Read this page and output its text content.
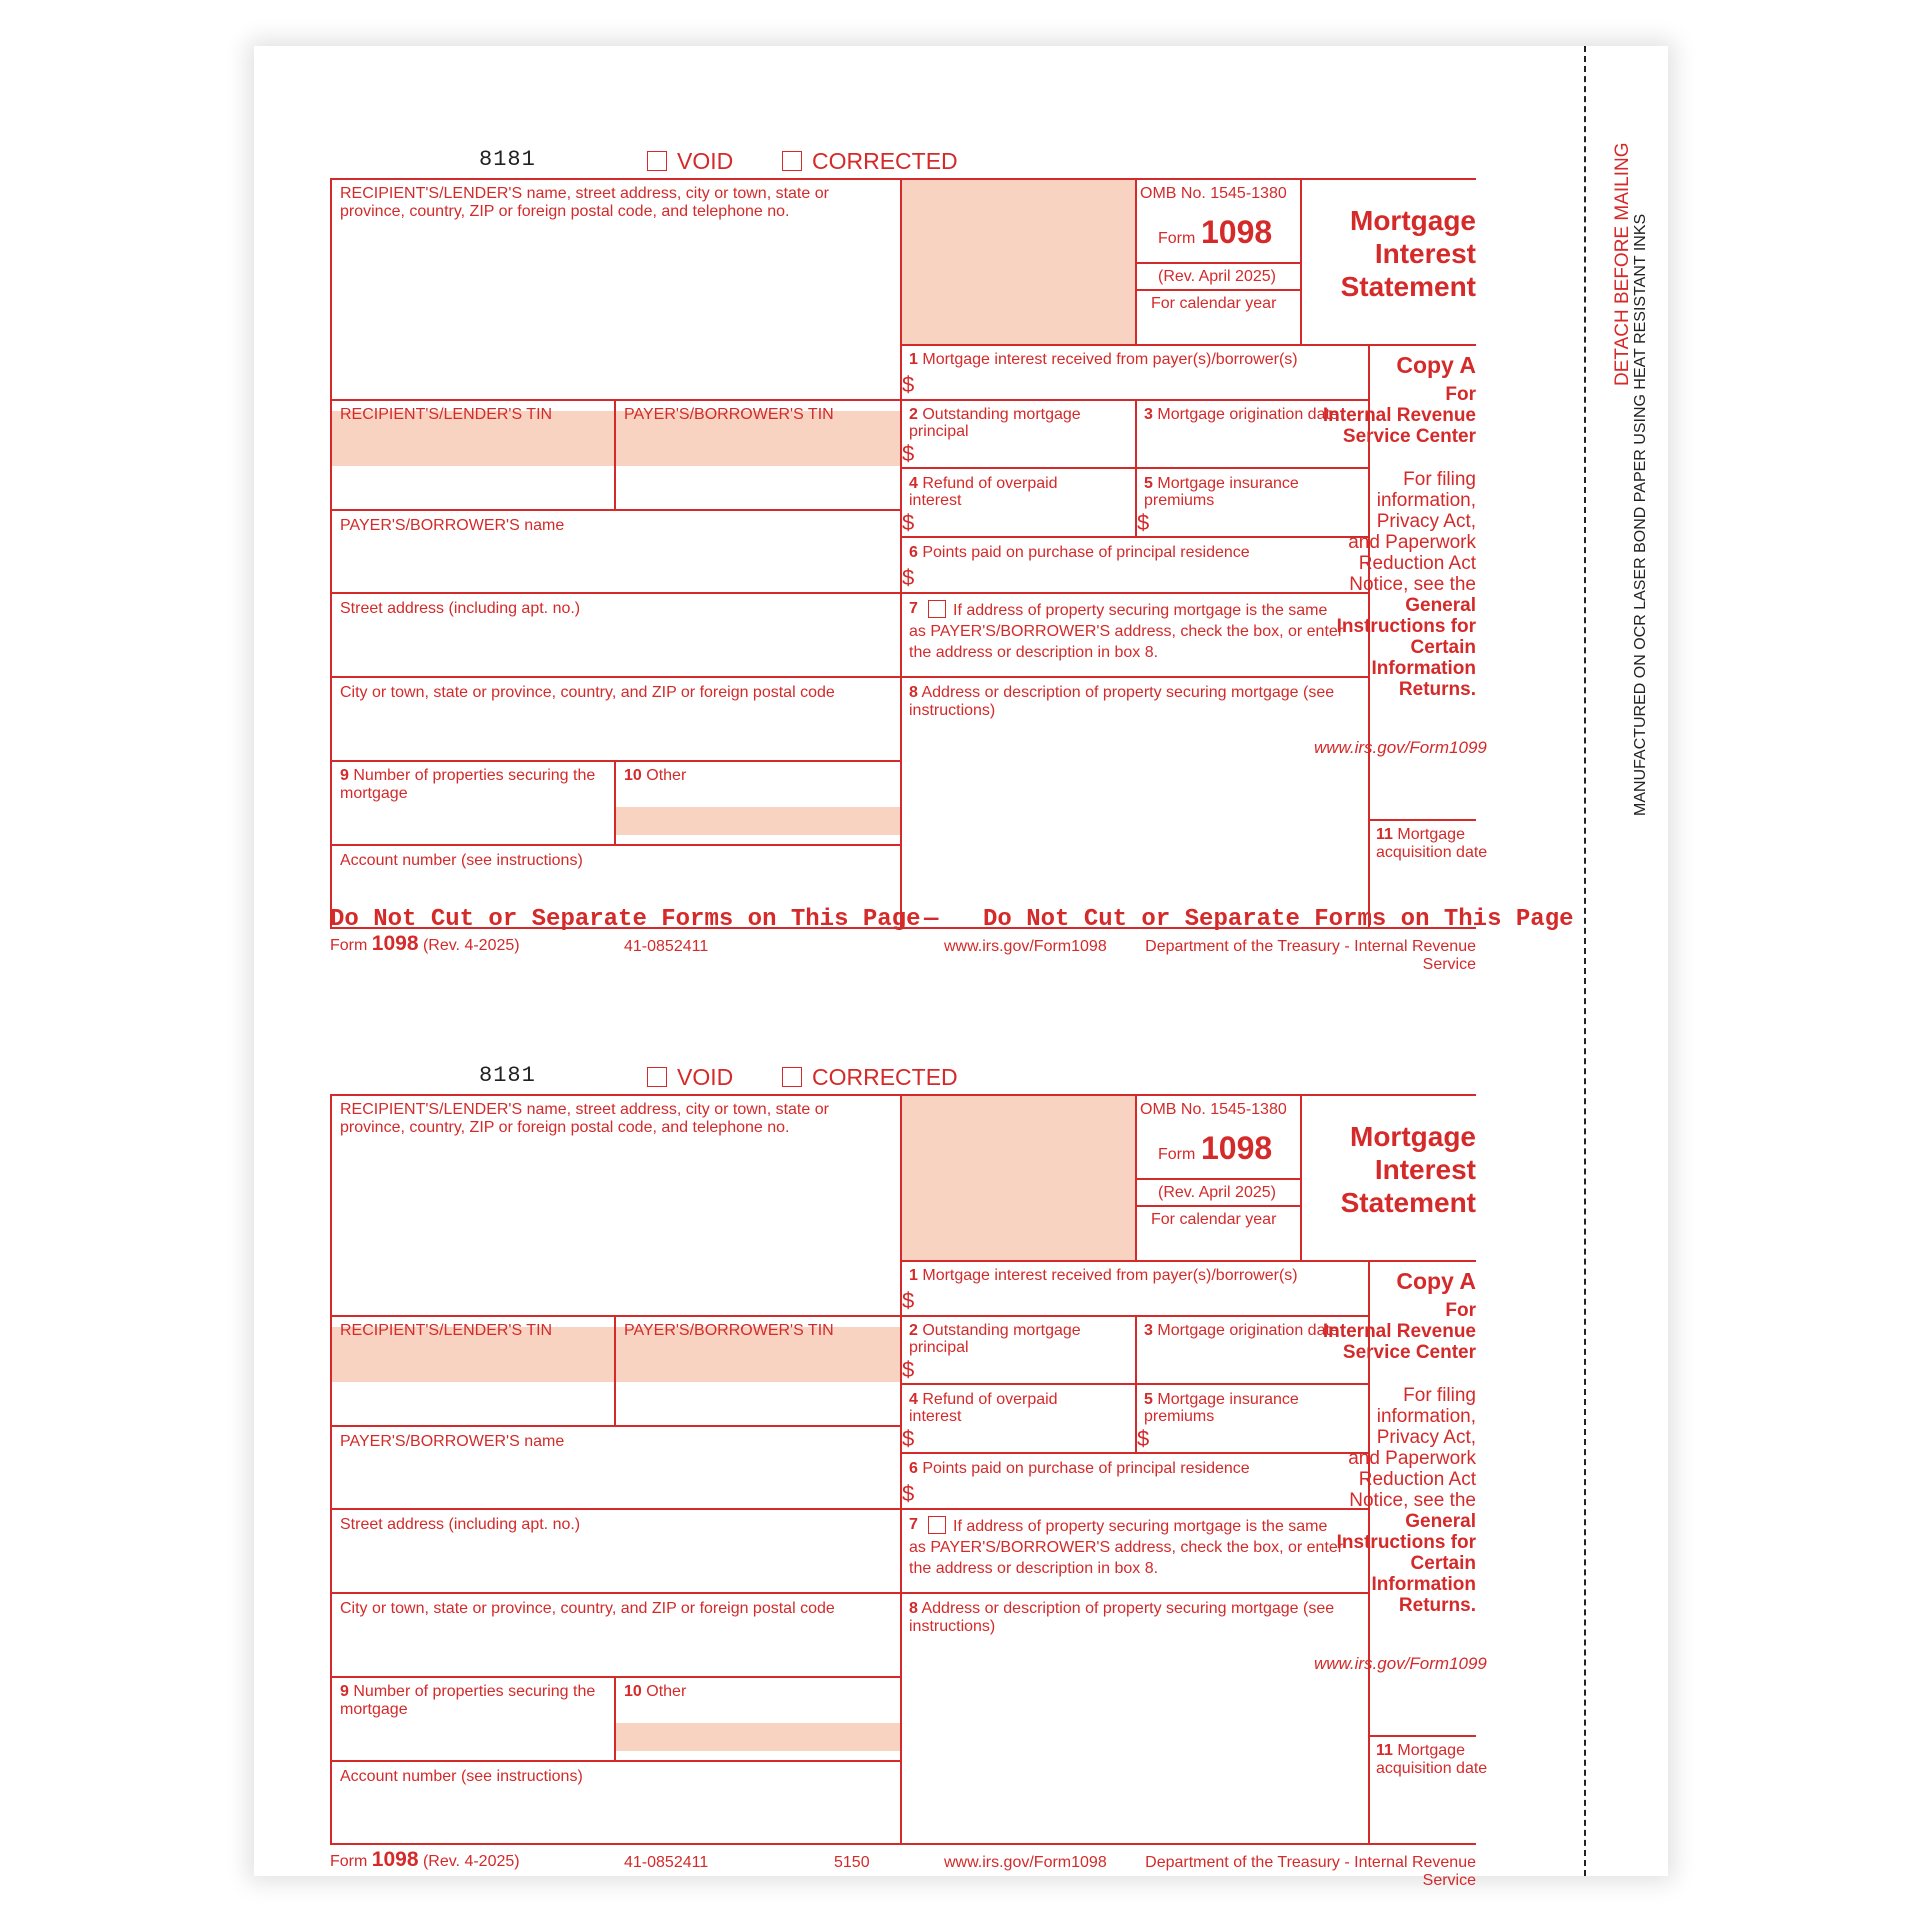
8181	VOID	CORRECTED
RECIPIENT'S/LENDER'S name, street address, city or town, state or province, country, ZIP or foreign postal code, and telephone no.
OMB No. 1545-1380
Form 1098
(Rev. April 2025)
For calendar year
Mortgage
Interest
Statement
Copy A
For
Internal Revenue
Service Center
For filing
information,
Privacy Act,
and Paperwork
Reduction Act
Notice, see the
General
Instructions for
Certain
Information
Returns.
www.irs.gov/Form1099
1 Mortgage interest received from payer(s)/borrower(s)
$
RECIPIENT'S/LENDER'S TIN	PAYER'S/BORROWER'S TIN	2 Outstanding mortgage
principal
$
3 Mortgage origination date
4 Refund of overpaid
interest
$
5 Mortgage insurance
premiums
$
PAYER'S/BORROWER'S name
6 Points paid on purchase of principal residence
$
Street address (including apt. no.)	7	If address of property securing mortgage is the same
as PAYER'S/BORROWER'S address, check the box, or enter
the address or description in box 8.
City or town, state or province, country, and ZIP or foreign postal code	8 Address or description of property securing mortgage (see
instructions)
9 Number of properties securing the
mortgage
10 Other
11 Mortgage
acquisition date
Account number (see instructions)
Form 1098 (Rev. 4-2025)	41-0852411	www.irs.gov/Form1098	Department of the Treasury - Internal Revenue Service
Do Not Cut or Separate Forms on This Page — Do Not Cut or Separate Forms on This Page
8181	VOID	CORRECTED
RECIPIENT'S/LENDER'S name, street address, city or town, state or province, country, ZIP or foreign postal code, and telephone no.
OMB No. 1545-1380
Form 1098
(Rev. April 2025)
For calendar year
Mortgage
Interest
Statement
Copy A
For
Internal Revenue
Service Center
For filing
information,
Privacy Act,
and Paperwork
Reduction Act
Notice, see the
General
Instructions for
Certain
Information
Returns.
www.irs.gov/Form1099
1 Mortgage interest received from payer(s)/borrower(s)
$
RECIPIENT'S/LENDER'S TIN	PAYER'S/BORROWER'S TIN	2 Outstanding mortgage
principal
$
3 Mortgage origination date
4 Refund of overpaid
interest
$
5 Mortgage insurance
premiums
$
PAYER'S/BORROWER'S name
6 Points paid on purchase of principal residence
$
Street address (including apt. no.)	7	If address of property securing mortgage is the same
as PAYER'S/BORROWER'S address, check the box, or enter
the address or description in box 8.
City or town, state or province, country, and ZIP or foreign postal code	8 Address or description of property securing mortgage (see
instructions)
9 Number of properties securing the
mortgage
10 Other
11 Mortgage
acquisition date
Account number (see instructions)
Form 1098 (Rev. 4-2025)	41-0852411	5150	www.irs.gov/Form1098	Department of the Treasury - Internal Revenue Service
DETACH BEFORE MAILING MANUFACTURED ON OCR LASER BOND PAPER USING HEAT RESISTANT INKS
